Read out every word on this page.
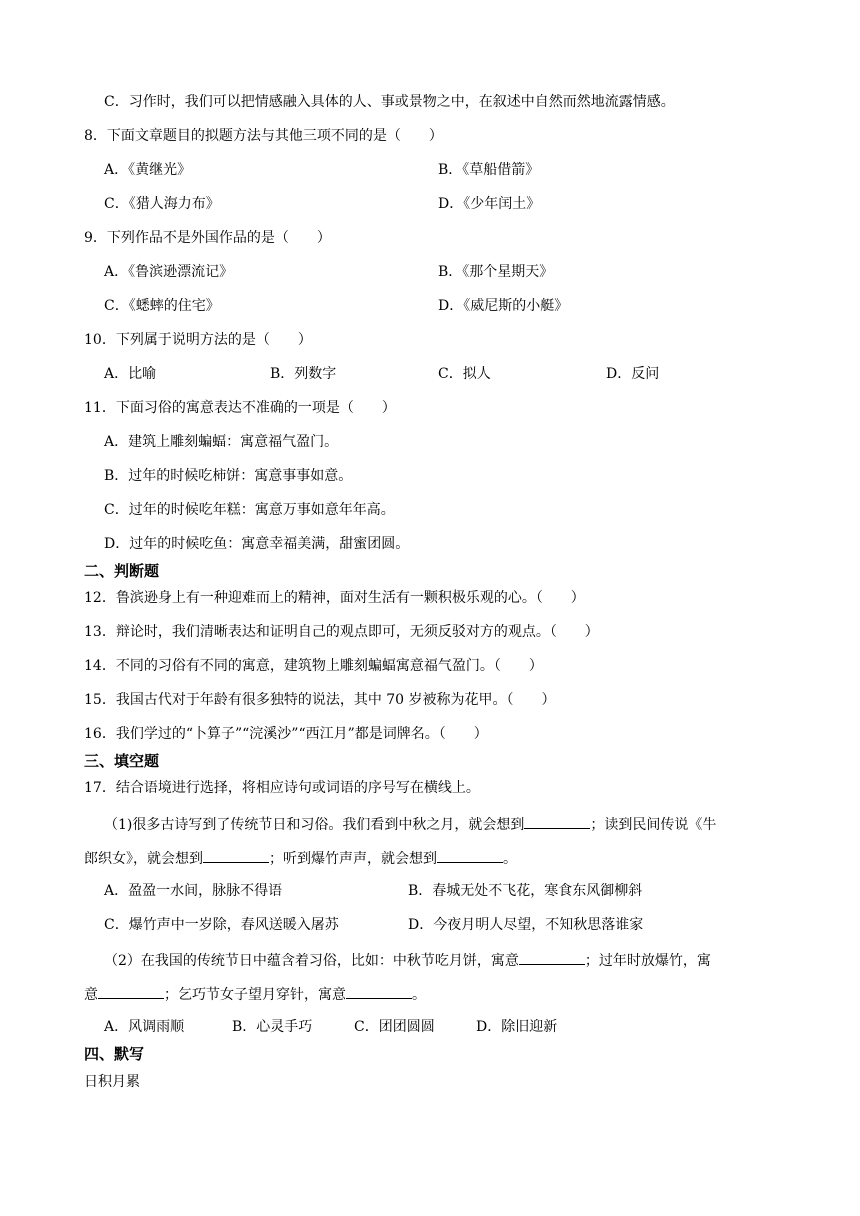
C．习作时，我们可以把情感融入具体的人、事或景物之中，在叙述中自然而然地流露情感。
8．下面文章题目的拟题方法与其他三项不同的是（　　）
A．《黄继光》	B．《草船借箭》
C．《猎人海力布》	D．《少年闰土》
9．下列作品不是外国作品的是（　　）
A．《鲁滨逊漂流记》	B．《那个星期天》
C．《蟋蟀的住宅》	D．《威尼斯的小艇》
10．下列属于说明方法的是（　　）
A．比喻	B．列数字	C．拟人	D．反问
11．下面习俗的寓意表达不准确的一项是（　　）
A．建筑上雕刻蝙蝠：寓意福气盈门。
B．过年的时候吃柿饼：寓意事事如意。
C．过年的时候吃年糕：寓意万事如意年年高。
D．过年的时候吃鱼：寓意幸福美满，甜蜜团圆。
二、判断题
12．鲁滨逊身上有一种迎难而上的精神，面对生活有一颗积极乐观的心。（　　）
13．辩论时，我们清晰表达和证明自己的观点即可，无须反驳对方的观点。（　　）
14．不同的习俗有不同的寓意，建筑物上雕刻蝙蝠寓意福气盈门。（　　）
15．我国古代对于年龄有很多独特的说法，其中 70 岁被称为花甲。（　　）
16．我们学过的“卜算子”“浣溪沙”“西江月”都是词牌名。（　　）
三、填空题
17．结合语境进行选择，将相应诗句或词语的序号写在横线上。
（1)很多古诗写到了传统节日和习俗。我们看到中秋之月，就会想到	；读到民间传说《牛
郎织女》，就会想到	；听到爆竹声声，就会想到	。
A．盈盈一水间，脉脉不得语	B．春城无处不飞花，寒食东风御柳斜
C．爆竹声中一岁除，春风送暖入屠苏	D．今夜月明人尽望，不知秋思落谁家
（2）在我国的传统节日中蕴含着习俗，比如：中秋节吃月饼，寓意	；过年时放爆竹，寓
意	；乞巧节女子望月穿针，寓意	。
A．风调雨顺	B．心灵手巧	C．团团圆圆	D．除旧迎新
四、默写
日积月累
